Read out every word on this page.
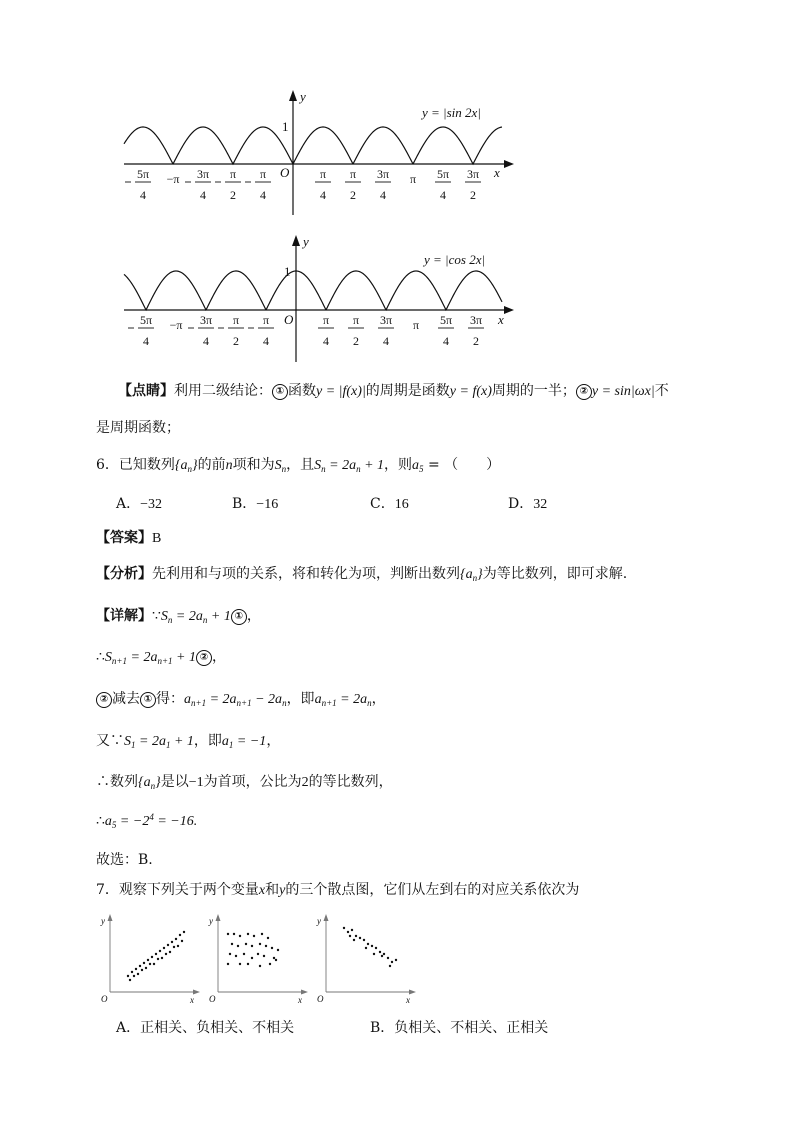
y
x
O
1
y = |sin 2x|
5π
4
−π 3π
4
π
2
π
4
π
4
π
2
3π
4
π 5π
4
3π
2
y
x
O
1
y = |cos 2x|
5π
4
−π 3π
4
π
2
π
4
π
4
π
2
3π
4
π 5π
4
3π
2
【点睛】利用二级结论： ① 函数y = |f(x)|的周期是函数y = f(x)周期的一半； ② y = sin|ωx|不
是周期函数；
6．已知数列$\{a_n\}$的前n项和为$S_n$，且$S_n = 2a_n + 1$，则$a_5$ = （　　）
A．−32	B．−16	C．16	D．32
【答案】B
【分析】先利用和与项的关系，将和转化为项，判断出数列$\{a_n\}$为等比数列，即可求解.
【详解】$\because S_n = 2a_n + 1$ ① ，
$\therefore S_{n+1} = 2a_{n+1} + 1$ ② ，
② 减去 ① 得：$a_{n+1} = 2a_{n+1} - 2a_n$，即$a_{n+1} = 2a_n$，
又$\because S_1 = 2a_1 + 1$，即$a_1 = -1$，
∴数列$\{a_n\}$是以−1为首项，公比为2的等比数列，
$\therefore a_5 = -2^4 = -16$.
故选：B.
7．观察下列关于两个变量x和y的三个散点图，它们从左到右的对应关系依次为
y
x
O
y
x
O
y
x
O
A．正相关、负相关、不相关	B．负相关、不相关、正相关
